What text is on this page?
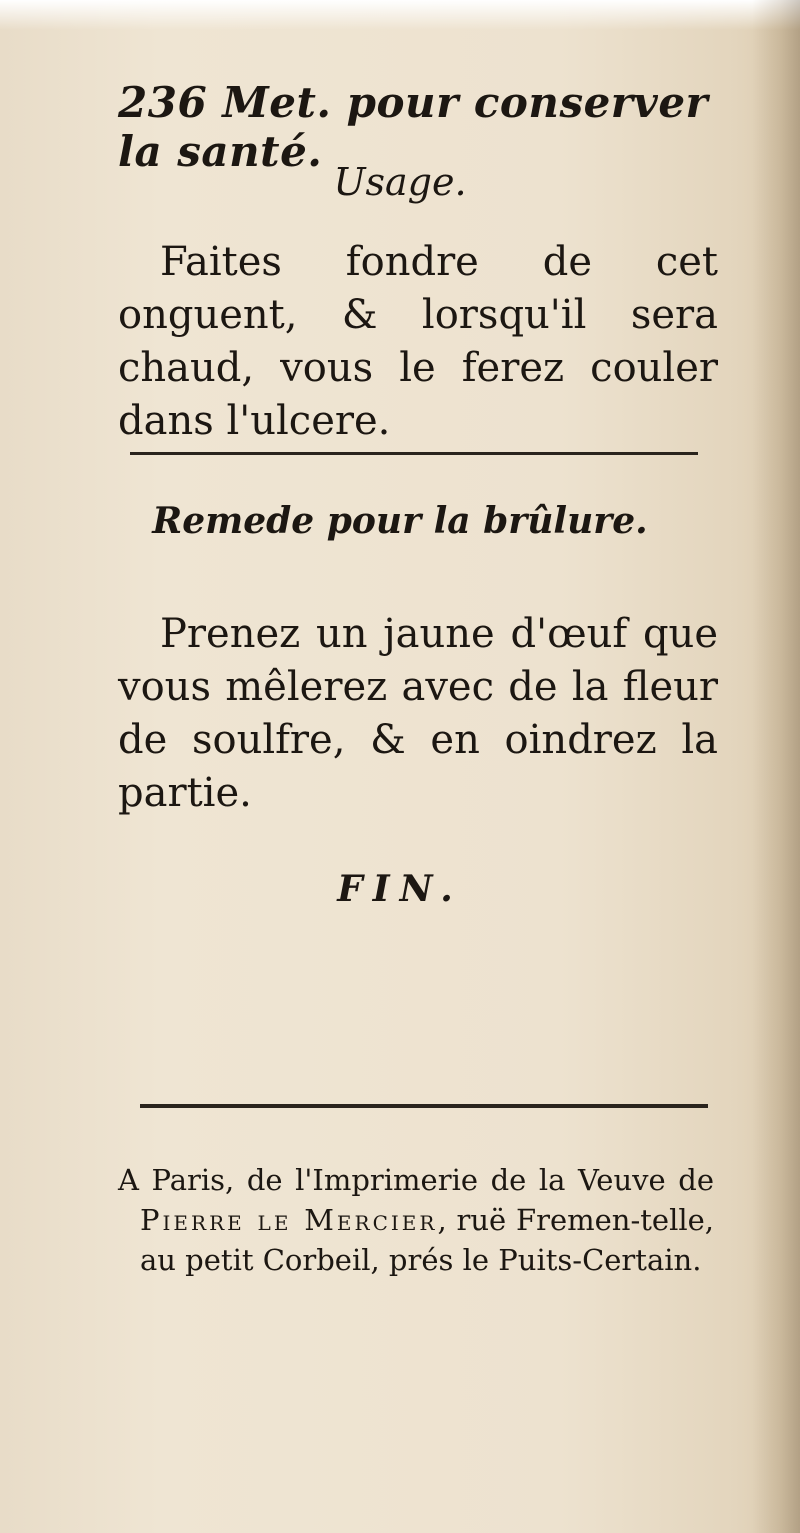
236 Met. pour conserver la santé.
Usage.

Faites fondre de cet onguent, & lorsqu'il sera chaud, vous le ferez couler dans l'ulcere.

Remede pour la brûlure.

Prenez un jaune d'œuf que vous mêlerez avec de la fleur de soulfre, & en oindrez la partie.

FIN.

A Paris, de l'Imprimerie de la Veuve de Pierre le Mercier, ruë Fremen-telle, au petit Corbeil, prés le Puits-Certain.
